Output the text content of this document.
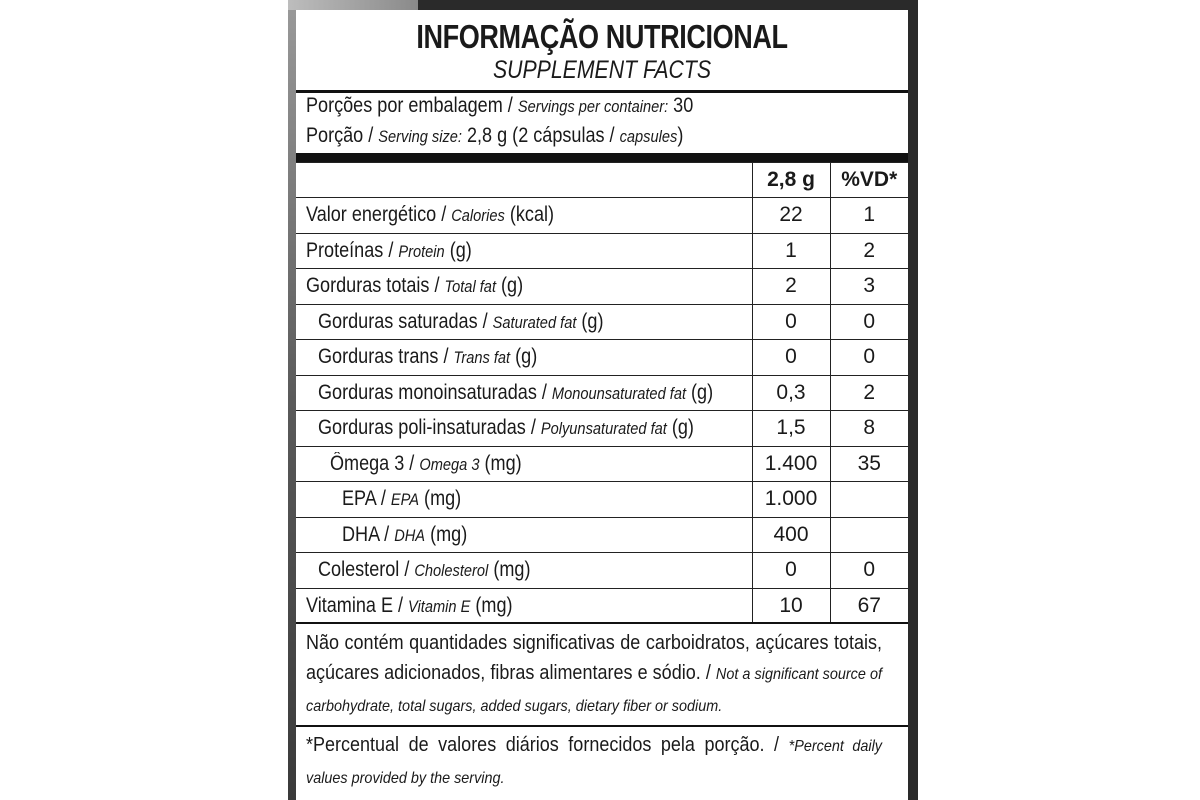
INFORMAÇÃO NUTRICIONAL
SUPPLEMENT FACTS
Porções por embalagem / Servings per container: 30
Porção / Serving size: 2,8 g (2 cápsulas / capsules)
	2,8 g	%VD*
Valor energético / Calories (kcal)	22	1
Proteínas / Protein (g)	1	2
Gorduras totais / Total fat (g)	2	3
Gorduras saturadas / Saturated fat (g)	0	0
Gorduras trans / Trans fat (g)	0	0
Gorduras monoinsaturadas / Monounsaturated fat (g)	0,3	2
Gorduras poli-insaturadas / Polyunsaturated fat (g)	1,5	8
Ômega 3 / Omega 3 (mg)	1.400	35
EPA / EPA (mg)	1.000	
DHA / DHA (mg)	400	
Colesterol / Cholesterol (mg)	0	0
Vitamina E / Vitamin E (mg)	10	67
Não contém quantidades significativas de carboidratos, açúcares totais, açúcares adicionados, fibras alimentares e sódio. / Not a significant source of carbohydrate, total sugars, added sugars, dietary fiber or sodium.
*Percentual de valores diários fornecidos pela porção. / *Percent daily values provided by the serving.
